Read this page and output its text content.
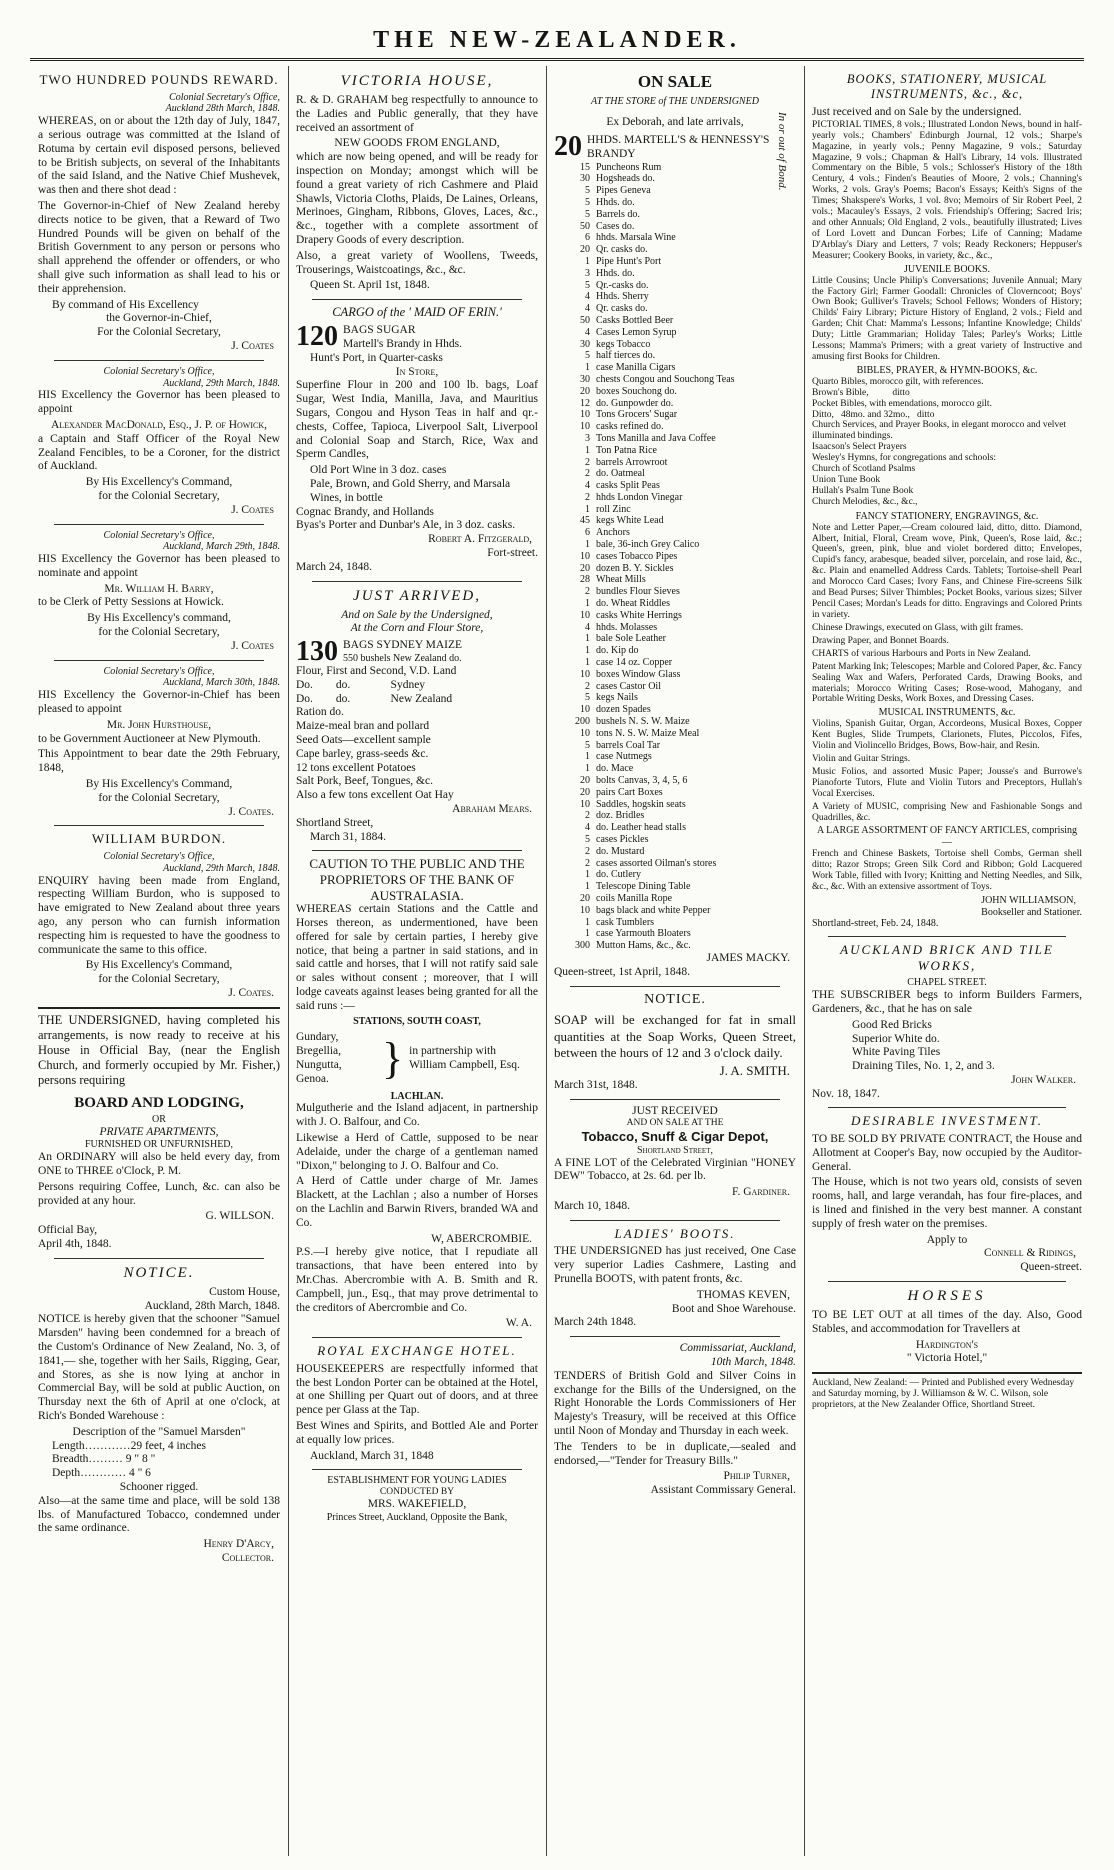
THE NEW-ZEALANDER.
TWO HUNDRED POUNDS REWARD.
Colonial Secretary's Office,
Auckland 28th March, 1848.

WHEREAS, on or about the 12th day of July, 1847, a serious outrage was committed at the Island of Rotuma by certain evil disposed persons, believed to be British subjects, on several of the Inhabitants of the said Island, and the Native Chief Mushevek, was then and there shot dead :

The Governor-in-Chief of New Zealand hereby directs notice to be given, that a Reward of Two Hundred Pounds will be given on behalf of the British Government to any person or persons who shall apprehend the offender or offenders, or who shall give such information as shall lead to his or their apprehension.

By command of His Excellency
the Governor-in-Chief,
For the Colonial Secretary,
J. Coates
Colonial Secretary's Office,
Auckland, 29th March, 1848.

HIS Excellency the Governor has been pleased to appoint

Alexander MacDonald, Esq., J. P. of Howick,

a Captain and Staff Officer of the Royal New Zealand Fencibles, to be a Coroner, for the district of Auckland.

By His Excellency's Command,
for the Colonial Secretary,
J. Coates
Colonial Secretary's Office,
Auckland, March 29th, 1848.

HIS Excellency the Governor has been pleased to nominate and appoint

Mr. William H. Barry,

to be Clerk of Petty Sessions at Howick.

By His Excellency's command,
for the Colonial Secretary,
J. Coates
Colonial Secretary's Office,
Auckland, March 30th, 1848.

HIS Excellency the Governor-in-Chief has been pleased to appoint

Mr. John Hursthouse,

to be Government Auctioneer at New Plymouth.

This Appointment to bear date the 29th February, 1848,

By His Excellency's Command,
for the Colonial Secretary,
J. Coates.
WILLIAM BURDON.
Colonial Secretary's Office,
Auckland, 29th March, 1848.

ENQUIRY having been made from England, respecting William Burdon, who is supposed to have emigrated to New Zealand about three years ago, any person who can furnish information respecting him is requested to have the goodness to communicate the same to this office.

By His Excellency's Command,
for the Colonial Secretary,
J. Coates.

THE UNDERSIGNED, having completed his arrangements, is now ready to receive at his House in Official Bay, (near the English Church, and formerly occupied by Mr. Fisher,) persons requiring

BOARD AND LODGING,
OR
PRIVATE APARTMENTS,
FURNISHED OR UNFURNISHED,

An ORDINARY will also be held every day, from ONE to THREE o'Clock, P. M.

Persons requiring Coffee, Lunch, &c. can also be provided at any hour.

G. WILLSON.
Official Bay,
April 4th, 1848.
NOTICE.
Custom House,
Auckland, 28th March, 1848.

NOTICE is hereby given that the schooner "Samuel Marsden" having been condemned for a breach of the Custom's Ordinance of New Zealand, No. 3, of 1841,— she, together with her Sails, Rigging, Gear, and Stores, as she is now lying at anchor in Commercial Bay, will be sold at public Auction, on Thursday next the 6th of April at one o'clock, at Rich's Bonded Warehouse :

Description of the "Samuel Marsden"
Length…………29 feet, 4 inches
Breadth……… 9 " 8 "
Depth………… 4 " 6
Schooner rigged.

Also—at the same time and place, will be sold 138 lbs. of Manufactured Tobacco, condemned under the same ordinance.

Henry D'Arcy,
Collector.
VICTORIA HOUSE,

R. & D. GRAHAM beg respectfully to announce to the Ladies and Public generally, that they have received an assortment of

NEW GOODS FROM ENGLAND,

which are now being opened, and will be ready for inspection on Monday; amongst which will be found a great variety of rich Cashmere and Plaid Shawls, Victoria Cloths, Plaids, De Laines, Orleans, Merinoes, Gingham, Ribbons, Gloves, Laces, &c., &c., together with a complete assortment of Drapery Goods of every description.

Also, a great variety of Woollens, Tweeds, Trouserings, Waistcoatings, &c., &c.

Queen St. April 1st, 1848.
CARGO of the ' MAID OF ERIN.'
120 BAGS SUGAR
Martell's Brandy in Hhds.
Hunt's Port, in Quarter-casks
In Store,

Superfine Flour in 200 and 100 lb. bags, Loaf Sugar, West India, Manilla, Java, and Mauritius Sugars, Congou and Hyson Teas in half and qr.-chests, Coffee, Tapioca, Liverpool Salt, Liverpool and Colonial Soap and Starch, Rice, Wax and Sperm Candles,

Old Port Wine in 3 doz. cases
Pale, Brown, and Gold Sherry, and Marsala Wines, in bottle
Cognac Brandy, and Hollands
Byas's Porter and Dunbar's Ale, in 3 doz. casks.
Robert A. Fitzgerald,
Fort-street.
March 24, 1848.
JUST ARRIVED,
And on Sale by the Undersigned,
At the Corn and Flour Store,
130 BAGS SYDNEY MAIZE
550 bushels New Zealand do.
Flour, First and Second, V.D. Land
Do.        do.              Sydney
Do.        do.              New Zealand
Ration do.
Maize-meal bran and pollard
Seed Oats—excellent sample
Cape barley, grass-seeds &c.
12 tons excellent Potatoes
Salt Pork, Beef, Tongues, &c.
Also a few tons excellent Oat Hay
Abraham Mears.
Shortland Street,
March 31, 1884.
CAUTION TO THE PUBLIC AND THE PROPRIETORS OF THE BANK OF AUSTRALASIA.

WHEREAS certain Stations and the Cattle and Horses thereon, as undermentioned, have been offered for sale by certain parties, I hereby give notice, that being a partner in said stations, and in said cattle and horses, that I will not ratify said sale or sales without consent ; moreover, that I will lodge caveats against leases being granted for all the said runs :—

STATIONS, SOUTH COAST,
Gundary,
Bregellia,
Nungutta,
Genoa.	} in partnership with William Campbell, Esq.
LACHLAN.

Mulgutherie and the Island adjacent, in partnership with J. O. Balfour, and Co.

Likewise a Herd of Cattle, supposed to be near Adelaide, under the charge of a gentleman named "Dixon," belonging to J. O. Balfour and Co.

A Herd of Cattle under charge of Mr. James Blackett, at the Lachlan ; also a number of Horses on the Lachlin and Barwin Rivers, branded WA and Co.

W, ABERCROMBIE.

P.S.—I hereby give notice, that I repudiate all transactions, that have been entered into by Mr.Chas. Abercrombie with A. B. Smith and R. Campbell, jun., Esq., that may prove detrimental to the creditors of Abercrombie and Co.

W. A.
ROYAL EXCHANGE HOTEL.

HOUSEKEEPERS are respectfully informed that the best London Porter can be obtained at the Hotel, at one Shilling per Quart out of doors, and at three pence per Glass at the Tap.

Best Wines and Spirits, and Bottled Ale and Porter at equally low prices.

Auckland, March 31, 1848
ESTABLISHMENT FOR YOUNG LADIES
CONDUCTED BY
MRS. WAKEFIELD,
Princes Street, Auckland, Opposite the Bank,
ON SALE
AT THE STORE of THE UNDERSIGNED
Ex Deborah, and late arrivals,
20 HHDS. MARTELL'S & HENNESSY'S BRANDY	In or out of Bond.
15 Puncheons Rum
30 Hogsheads do.
5 Pipes Geneva
5 Hhds. do.
5 Barrels do.
50 Cases do.
6 hhds. Marsala Wine
20 Qr. casks do.
1 Pipe Hunt's Port
3 Hhds. do.
5 Qr.-casks do.
4 Hhds. Sherry
4 Qr. casks do.
50 Casks Bottled Beer
4 Cases Lemon Syrup
30 kegs Tobacco
5 half tierces do.
1 case Manilla Cigars
30 chests Congou and Souchong Teas
20 boxes Souchong do.
12 do. Gunpowder do.
10 Tons Grocers' Sugar
10 casks refined do.
3 Tons Manilla and Java Coffee
1 Ton Patna Rice
2 barrels Arrowroot
2 do. Oatmeal
4 casks Split Peas
2 hhds London Vinegar
1 roll Zinc
45 kegs White Lead
6 Anchors
1 bale, 36-inch Grey Calico
10 cases Tobacco Pipes
20 dozen B. Y. Sickles
28 Wheat Mills
2 bundles Flour Sieves
1 do. Wheat Riddles
10 casks White Herrings
4 hhds. Molasses
1 bale Sole Leather
1 do. Kip do
1 case 14 oz. Copper
10 boxes Window Glass
2 cases Castor Oil
5 kegs Nails
10 dozen Spades
200 bushels N. S. W. Maize
10 tons N. S. W. Maize Meal
5 barrels Coal Tar
1 case Nutmegs
1 do. Mace
20 bolts Canvas, 3, 4, 5, 6
20 pairs Cart Boxes
10 Saddles, hogskin seats
2 doz. Bridles
4 do. Leather head stalls
5 cases Pickles
2 do. Mustard
2 cases assorted Oilman's stores
1 do. Cutlery
1 Telescope Dining Table
20 coils Manilla Rope
10 bags black and white Pepper
1 cask Tumblers
1 case Yarmouth Bloaters
300 Mutton Hams, &c., &c.
JAMES MACKY.
Queen-street, 1st April, 1848.
NOTICE.

SOAP will be exchanged for fat in small quantities at the Soap Works, Queen Street, between the hours of 12 and 3 o'clock daily.

J. A. SMITH.
March 31st, 1848.
JUST RECEIVED
AND ON SALE AT THE
Tobacco, Snuff & Cigar Depot,
Shortland Street,

A FINE LOT of the Celebrated Virginian "HONEY DEW" Tobacco, at 2s. 6d. per lb.

F. Gardiner.
March 10, 1848.
LADIES' BOOTS.

THE UNDERSIGNED has just received, One Case very superior Ladies Cashmere, Lasting and Prunella BOOTS, with patent fronts, &c.

THOMAS KEVEN,
Boot and Shoe Warehouse.
March 24th 1848.
Commissariat, Auckland,
10th March, 1848.

TENDERS of British Gold and Silver Coins in exchange for the Bills of the Undersigned, on the Right Honorable the Lords Commissioners of Her Majesty's Treasury, will be received at this Office until Noon of Monday and Thursday in each week.

The Tenders to be in duplicate,—sealed and endorsed,—"Tender for Treasury Bills."

Philip Turner,
Assistant Commissary General.
BOOKS, STATIONERY, MUSICAL INSTRUMENTS, &c., &c,
Just received and on Sale by the undersigned.

PICTORIAL TIMES, 8 vols.; Illustrated London News, bound in half-yearly vols.; Chambers' Edinburgh Journal, 12 vols.; Sharpe's Magazine, in yearly vols.; Penny Magazine, 9 vols.; Saturday Magazine, 9 vols.; Chapman & Hall's Library, 14 vols. Illustrated Commentary on the Bible, 5 vols.; Schlosser's History of the 18th Century, 4 vols.; Finden's Beauties of Moore, 2 vols.; Channing's Works, 2 vols. Gray's Poems; Bacon's Essays; Keith's Signs of the Times; Shakspere's Works, 1 vol. 8vo; Memoirs of Sir Robert Peel, 2 vols.; Macauley's Essays, 2 vols. Friendship's Offering; Sacred Iris; and other Annuals; Old England, 2 vols., beautifully illustrated; Lives of Lord Lovett and Duncan Forbes; Life of Canning; Madame D'Arblay's Diary and Letters, 7 vols; Ready Reckoners; Heppuser's Measurer; Cookery Books, in variety, &c., &c.,

JUVENILE BOOKS.

Little Cousins; Uncle Philip's Conversations; Juvenile Annual; Mary the Factory Girl; Farmer Goodall: Chronicles of Cloverncoot; Boys' Own Book; Gulliver's Travels; School Fellows; Wonders of History; Childs' Fairy Library; Picture History of England, 2 vols.; Field and Garden; Chit Chat: Mamma's Lessons; Infantine Knowledge; Childs' Duty; Little Grammarian; Holiday Tales; Parley's Works; Little Lessons; Mamma's Primers; with a great variety of Instructive and amusing first Books for Children.

BIBLES, PRAYER, & HYMN-BOOKS, &c.
Quarto Bibles, morocco gilt, with references.
Brown's Bible,          ditto
Pocket Bibles, with emendations, morocco gilt.
Ditto,   48mo. and 32mo.,   ditto
Church Services, and Prayer Books, in elegant morocco and velvet illuminated bindings.
Isaacson's Select Prayers
Wesley's Hymns, for congregations and schools:
Church of Scotland Psalms
Union Tune Book
Hullah's Psalm Tune Book
Church Melodies, &c., &c.,
FANCY STATIONERY, ENGRAVINGS, &c.

Note and Letter Paper,—Cream coloured laid, ditto, ditto. Diamond, Albert, Initial, Floral, Cream wove, Pink, Queen's, Rose laid, &c.; Queen's, green, pink, blue and violet bordered ditto; Envelopes, Cupid's fancy, arabesque, beaded silver, porcelain, and rose laid, &c., &c. Plain and enamelled Address Cards. Tablets; Tortoise-shell Pearl and Morocco Card Cases; Ivory Fans, and Chinese Fire-screens Silk and Bead Purses; Silver Thimbles; Pocket Books, various sizes; Silver Pencil Cases; Mordan's Leads for ditto. Engravings and Colored Prints in variety.

Chinese Drawings, executed on Glass, with gilt frames.

Drawing Paper, and Bonnet Boards.

CHARTS of various Harbours and Ports in New Zealand.

Patent Marking Ink; Telescopes; Marble and Colored Paper, &c. Fancy Sealing Wax and Wafers, Perforated Cards, Drawing Books, and materials; Morocco Writing Cases; Rose-wood, Mahogany, and Portable Writing Desks, Work Boxes, and Dressing Cases.

MUSICAL INSTRUMENTS, &c.

Violins, Spanish Guitar, Organ, Accordeons, Musical Boxes, Copper Kent Bugles, Slide Trumpets, Clarionets, Flutes, Piccolos, Fifes, Violin and Violincello Bridges, Bows, Bow-hair, and Resin.

Violin and Guitar Strings.

Music Folios, and assorted Music Paper; Jousse's and Burrowe's Pianoforte Tutors, Flute and Violin Tutors and Preceptors, Hullah's Vocal Exercises.

A Variety of MUSIC, comprising New and Fashionable Songs and Quadrilles, &c.

A LARGE ASSORTMENT OF FANCY ARTICLES, comprising—

French and Chinese Baskets, Tortoise shell Combs, German shell ditto; Razor Strops; Green Silk Cord and Ribbon; Gold Lacquered Work Table, filled with Ivory; Knitting and Netting Needles, and Silk, &c., &c. With an extensive assortment of Toys.

JOHN WILLIAMSON,
Bookseller and Stationer.
Shortland-street, Feb. 24, 1848.
AUCKLAND BRICK AND TILE WORKS,
CHAPEL STREET.

THE SUBSCRIBER begs to inform Builders Farmers, Gardeners, &c., that he has on sale

Good Red Bricks
Superior White do.
White Paving Tiles
Draining Tiles, No. 1, 2, and 3.
John Walker.
Nov. 18, 1847.
DESIRABLE INVESTMENT.

TO BE SOLD BY PRIVATE CONTRACT, the House and Allotment at Cooper's Bay, now occupied by the Auditor-General.

The House, which is not two years old, consists of seven rooms, hall, and large verandah, has four fire-places, and is lined and finished in the very best manner. A constant supply of fresh water on the premises.

Apply to
Connell & Ridings,
Queen-street.
HORSES

TO BE LET OUT at all times of the day. Also, Good Stables, and accommodation for Travellers at

Hardington's
" Victoria Hotel,"

Auckland, New Zealand: — Printed and Published every Wednesday and Saturday morning, by J. Williamson & W. C. Wilson, sole proprietors, at the New Zealander Office, Shortland Street.
